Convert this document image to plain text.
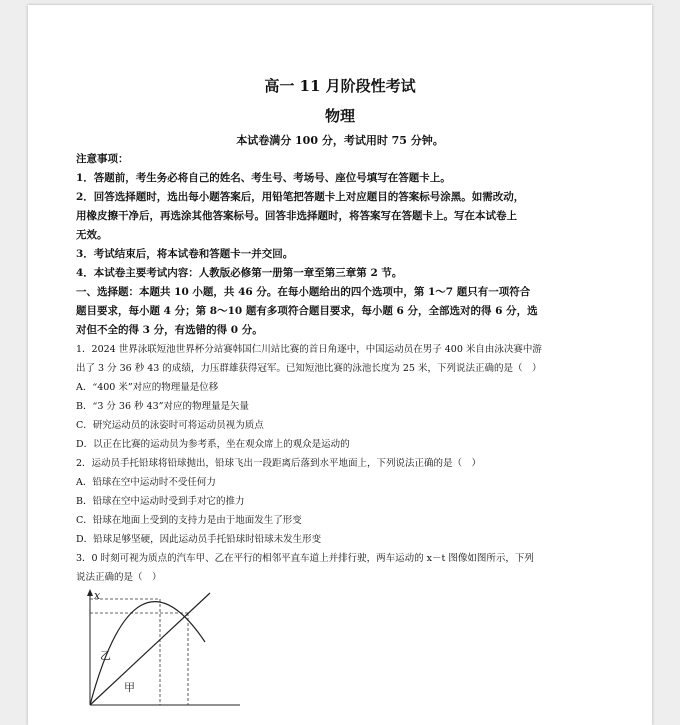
高一 11 月阶段性考试
物理
本试卷满分 100 分，考试用时 75 分钟。
注意事项：
1．答题前，考生务必将自己的姓名、考生号、考场号、座位号填写在答题卡上。
2．回答选择题时，选出每小题答案后，用铅笔把答题卡上对应题目的答案标号涂黑。如需改动，
用橡皮擦干净后，再选涂其他答案标号。回答非选择题时，将答案写在答题卡上。写在本试卷上
无效。
3．考试结束后，将本试卷和答题卡一并交回。
4．本试卷主要考试内容：人教版必修第一册第一章至第三章第 2 节。
一、选择题：本题共 10 小题，共 46 分。在每小题给出的四个选项中，第 1～7 题只有一项符合
题目要求，每小题 4 分；第 8～10 题有多项符合题目要求，每小题 6 分，全部选对的得 6 分，选
对但不全的得 3 分，有选错的得 0 分。
1．2024 世界泳联短池世界杯分站赛韩国仁川站比赛的首日角逐中，中国运动员在男子 400 米自由泳决赛中游
出了 3 分 36 秒 43 的成绩，力压群雄获得冠军。已知短池比赛的泳池长度为 25 米，下列说法正确的是（　）
A．“400 米”对应的物理量是位移
B．“3 分 36 秒 43”对应的物理量是矢量
C．研究运动员的泳姿时可将运动员视为质点
D．以正在比赛的运动员为参考系，坐在观众席上的观众是运动的
2．运动员手托铅球将铅球抛出，铅球飞出一段距离后落到水平地面上，下列说法正确的是（　）
A．铅球在空中运动时不受任何力
B．铅球在空中运动时受到手对它的推力
C．铅球在地面上受到的支持力是由于地面发生了形变
D．铅球足够坚硬，因此运动员手托铅球时铅球未发生形变
3．0 时刻可视为质点的汽车甲、乙在平行的相邻平直车道上并排行驶，两车运动的 x－t 图像如图所示，下列
说法正确的是（　）
x
乙
甲
